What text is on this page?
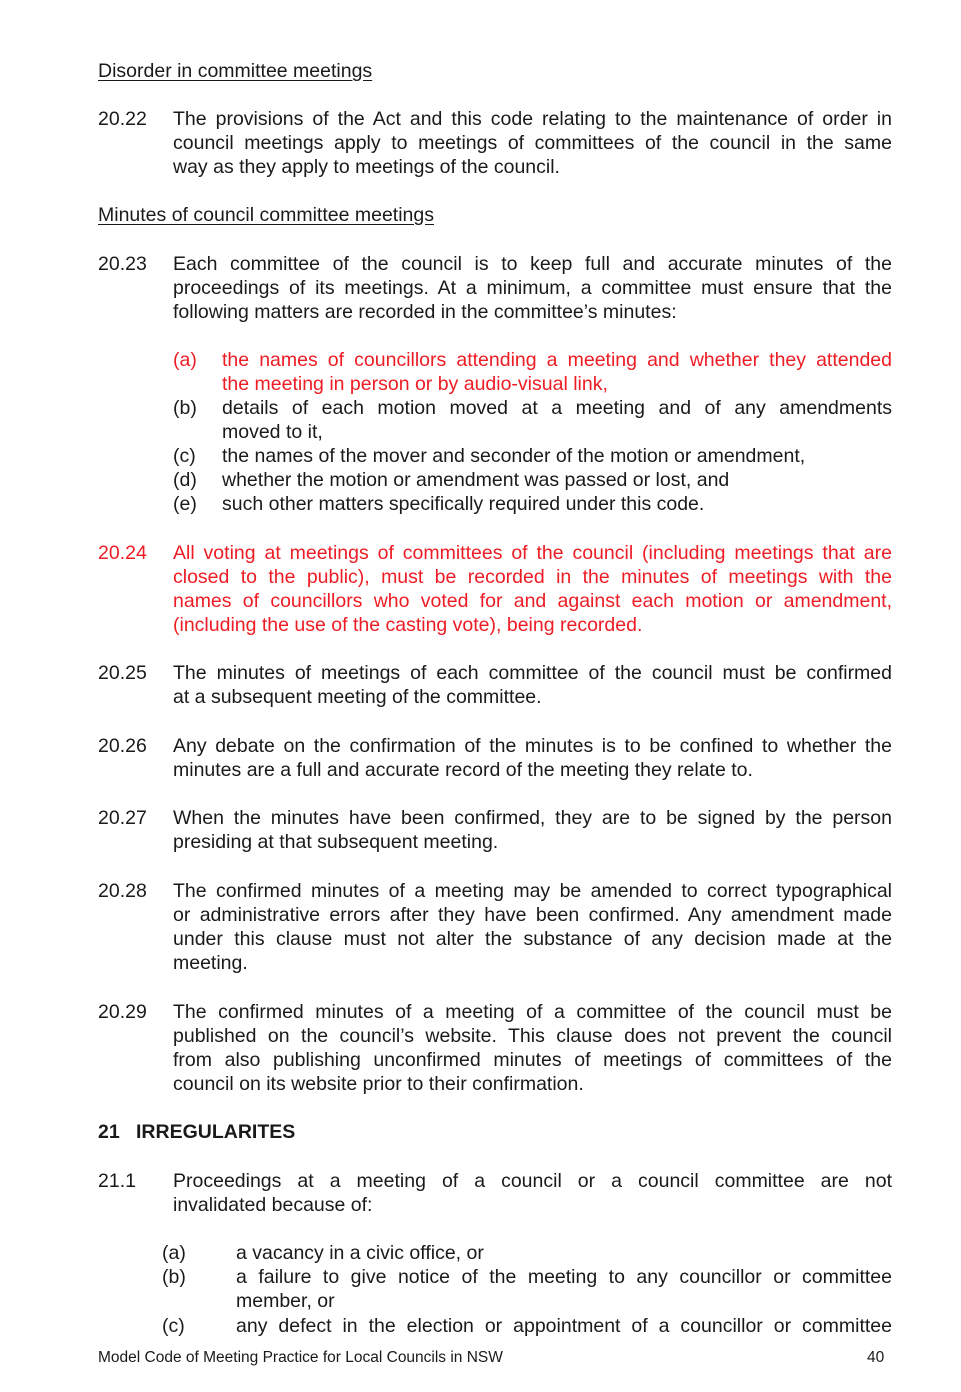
Disorder in committee meetings
20.22 The provisions of the Act and this code relating to the maintenance of order in
council meetings apply to meetings of committees of the council in the same
way as they apply to meetings of the council.
Minutes of council committee meetings
20.23 Each committee of the council is to keep full and accurate minutes of the
proceedings of its meetings. At a minimum, a committee must ensure that the
following matters are recorded in the committee’s minutes:
(a) the names of councillors attending a meeting and whether they attended
the meeting in person or by audio-visual link,
(b) details of each motion moved at a meeting and of any amendments
moved to it,
(c) the names of the mover and seconder of the motion or amendment,
(d) whether the motion or amendment was passed or lost, and
(e) such other matters specifically required under this code.
20.24 All voting at meetings of committees of the council (including meetings that are
closed to the public), must be recorded in the minutes of meetings with the
names of councillors who voted for and against each motion or amendment,
(including the use of the casting vote), being recorded.
20.25 The minutes of meetings of each committee of the council must be confirmed
at a subsequent meeting of the committee.
20.26 Any debate on the confirmation of the minutes is to be confined to whether the
minutes are a full and accurate record of the meeting they relate to.
20.27 When the minutes have been confirmed, they are to be signed by the person
presiding at that subsequent meeting.
20.28 The confirmed minutes of a meeting may be amended to correct typographical
or administrative errors after they have been confirmed. Any amendment made
under this clause must not alter the substance of any decision made at the
meeting.
20.29 The confirmed minutes of a meeting of a committee of the council must be
published on the council’s website. This clause does not prevent the council
from also publishing unconfirmed minutes of meetings of committees of the
council on its website prior to their confirmation.
21 IRREGULARITES
21.1 Proceedings at a meeting of a council or a council committee are not
invalidated because of:
(a)	a vacancy in a civic office, or
(b)	a failure to give notice of the meeting to any councillor or committee
member, or
(c)	any defect in the election or appointment of a councillor or committee
Model Code of Meeting Practice for Local Councils in NSW	40
